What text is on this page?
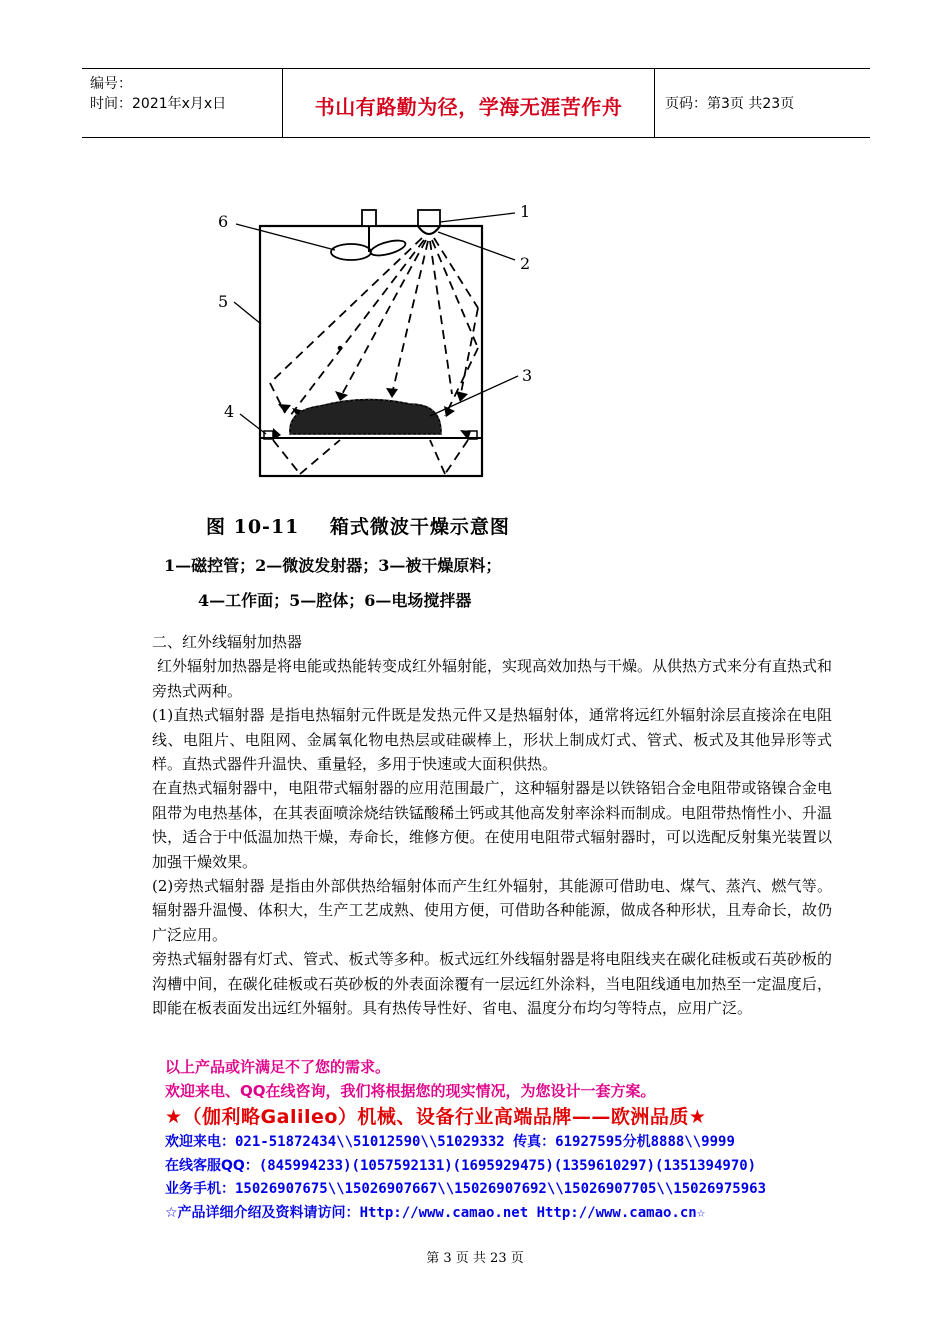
编号：
时间：2021年x月x日	书山有路勤为径，学海无涯苦作舟	页码：第3页 共23页
1
2
3
4
5
6
图 10-11    箱式微波干燥示意图
1—磁控管；2—微波发射器；3—被干燥原料；
4—工作面；5—腔体；6—电场搅拌器

二、红外线辐射加热器

红外辐射加热器是将电能或热能转变成红外辐射能，实现高效加热与干燥。从供热方式来分有直热式和旁热式两种。

(1)直热式辐射器 是指电热辐射元件既是发热元件又是热辐射体，通常将远红外辐射涂层直接涂在电阻线、电阻片、电阻网、金属氧化物电热层或硅碳棒上，形状上制成灯式、管式、板式及其他异形等式样。直热式器件升温快、重量轻，多用于快速或大面积供热。

在直热式辐射器中，电阻带式辐射器的应用范围最广，这种辐射器是以铁铬铝合金电阻带或铬镍合金电阻带为电热基体，在其表面喷涂烧结铁锰酸稀土钙或其他高发射率涂料而制成。电阻带热惰性小、升温快，适合于中低温加热干燥，寿命长，维修方便。在使用电阻带式辐射器时，可以选配反射集光装置以加强干燥效果。

(2)旁热式辐射器 是指由外部供热给辐射体而产生红外辐射，其能源可借助电、煤气、蒸汽、燃气等。辐射器升温慢、体积大，生产工艺成熟、使用方便，可借助各种能源，做成各种形状，且寿命长，故仍广泛应用。

旁热式辐射器有灯式、管式、板式等多种。板式远红外线辐射器是将电阻线夹在碳化硅板或石英砂板的沟槽中间，在碳化硅板或石英砂板的外表面涂覆有一层远红外涂料，当电阻线通电加热至一定温度后，即能在板表面发出远红外辐射。具有热传导性好、省电、温度分布均匀等特点，应用广泛。

以上产品或许满足不了您的需求。
欢迎来电、QQ在线咨询，我们将根据您的现实情况，为您设计一套方案。
★（伽利略Galileo）机械、设备行业高端品牌——欧洲品质★
欢迎来电：021-51872434\\51012590\\51029332 传真：61927595分机8888\\9999
在线客服QQ：(845994233)(1057592131)(1695929475)(1359610297)(1351394970)
业务手机：15026907675\\15026907667\\15026907692\\15026907705\\15026975963
☆产品详细介绍及资料请访问：Http://www.camao.net Http://www.camao.cn☆
第 3 页 共 23 页
